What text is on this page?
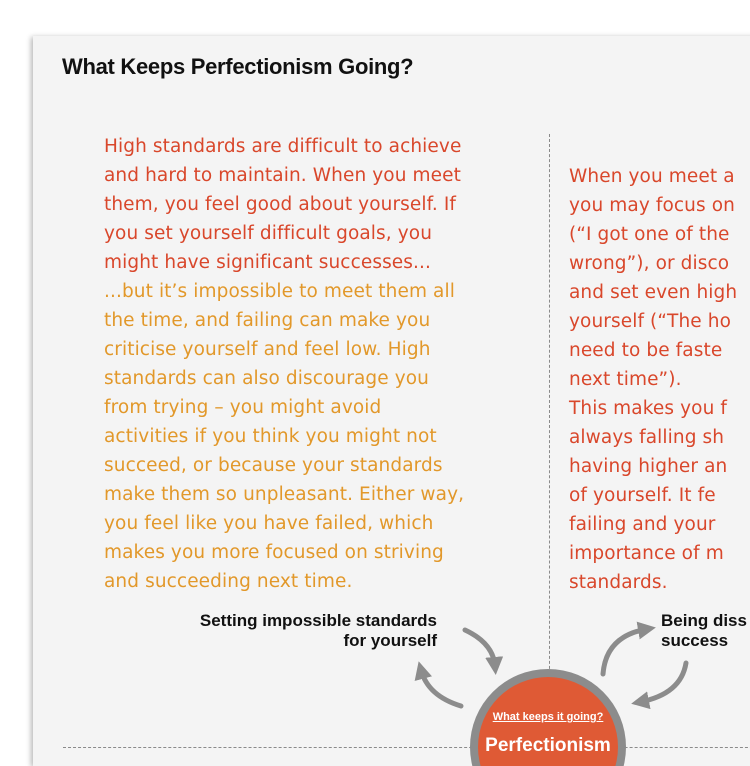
What Keeps Perfectionism Going?

High standards are difficult to achieve
and hard to maintain. When you meet
them, you feel good about yourself. If
you set yourself difficult goals, you
might have significant successes...

...but it’s impossible to meet them all
the time, and failing can make you
criticise yourself and feel low. High
standards can also discourage you
from trying – you might avoid
activities if you think you might not
succeed, or because your standards
make them so unpleasant. Either way,
you feel like you have failed, which
makes you more focused on striving
and succeeding next time.

When you meet a
you may focus on
(“I got one of the
wrong”), or disco
and set even high
yourself (“The ho
need to be faste
next time”).

This makes you f
always falling sh
having higher an
of yourself. It fe
failing and your
importance of m
standards.

Setting impossible standards
for yourself
Being diss
success
What keeps it going?
Perfectionism
